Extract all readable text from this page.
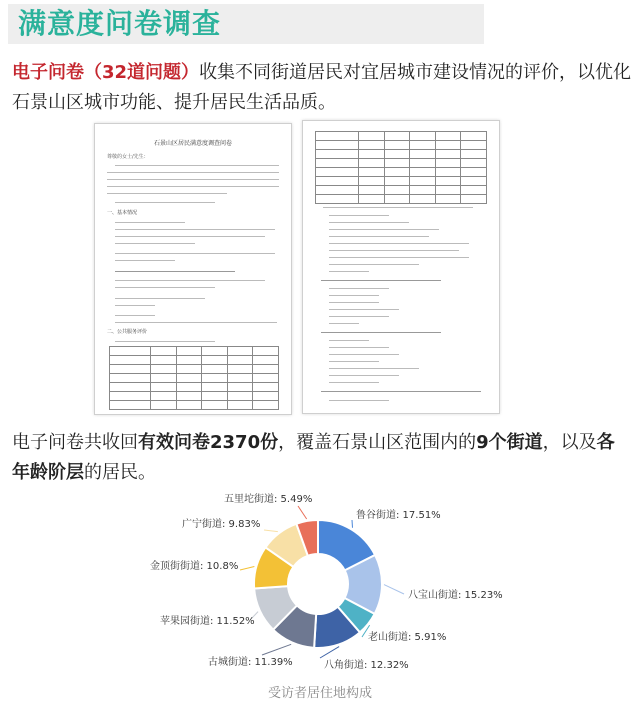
满意度问卷调查
电子问卷（32道问题）收集不同街道居民对宜居城市建设情况的评价，以优化石景山区城市功能、提升居民生活品质。
石景山区居民满意度调查问卷
尊敬的女士/先生：
一、基本情况
二、公共服务评价

电子问卷共收回有效问卷2370份，覆盖石景山区范围内的9个街道，以及各年龄阶层的居民。
鲁谷街道: 17.51%
八宝山街道: 15.23%
老山街道: 5.91%
八角街道: 12.32%
古城街道: 11.39%
苹果园街道: 11.52%
金顶街街道: 10.8%
广宁街道: 9.83%
五里坨街道: 5.49%
受访者居住地构成
